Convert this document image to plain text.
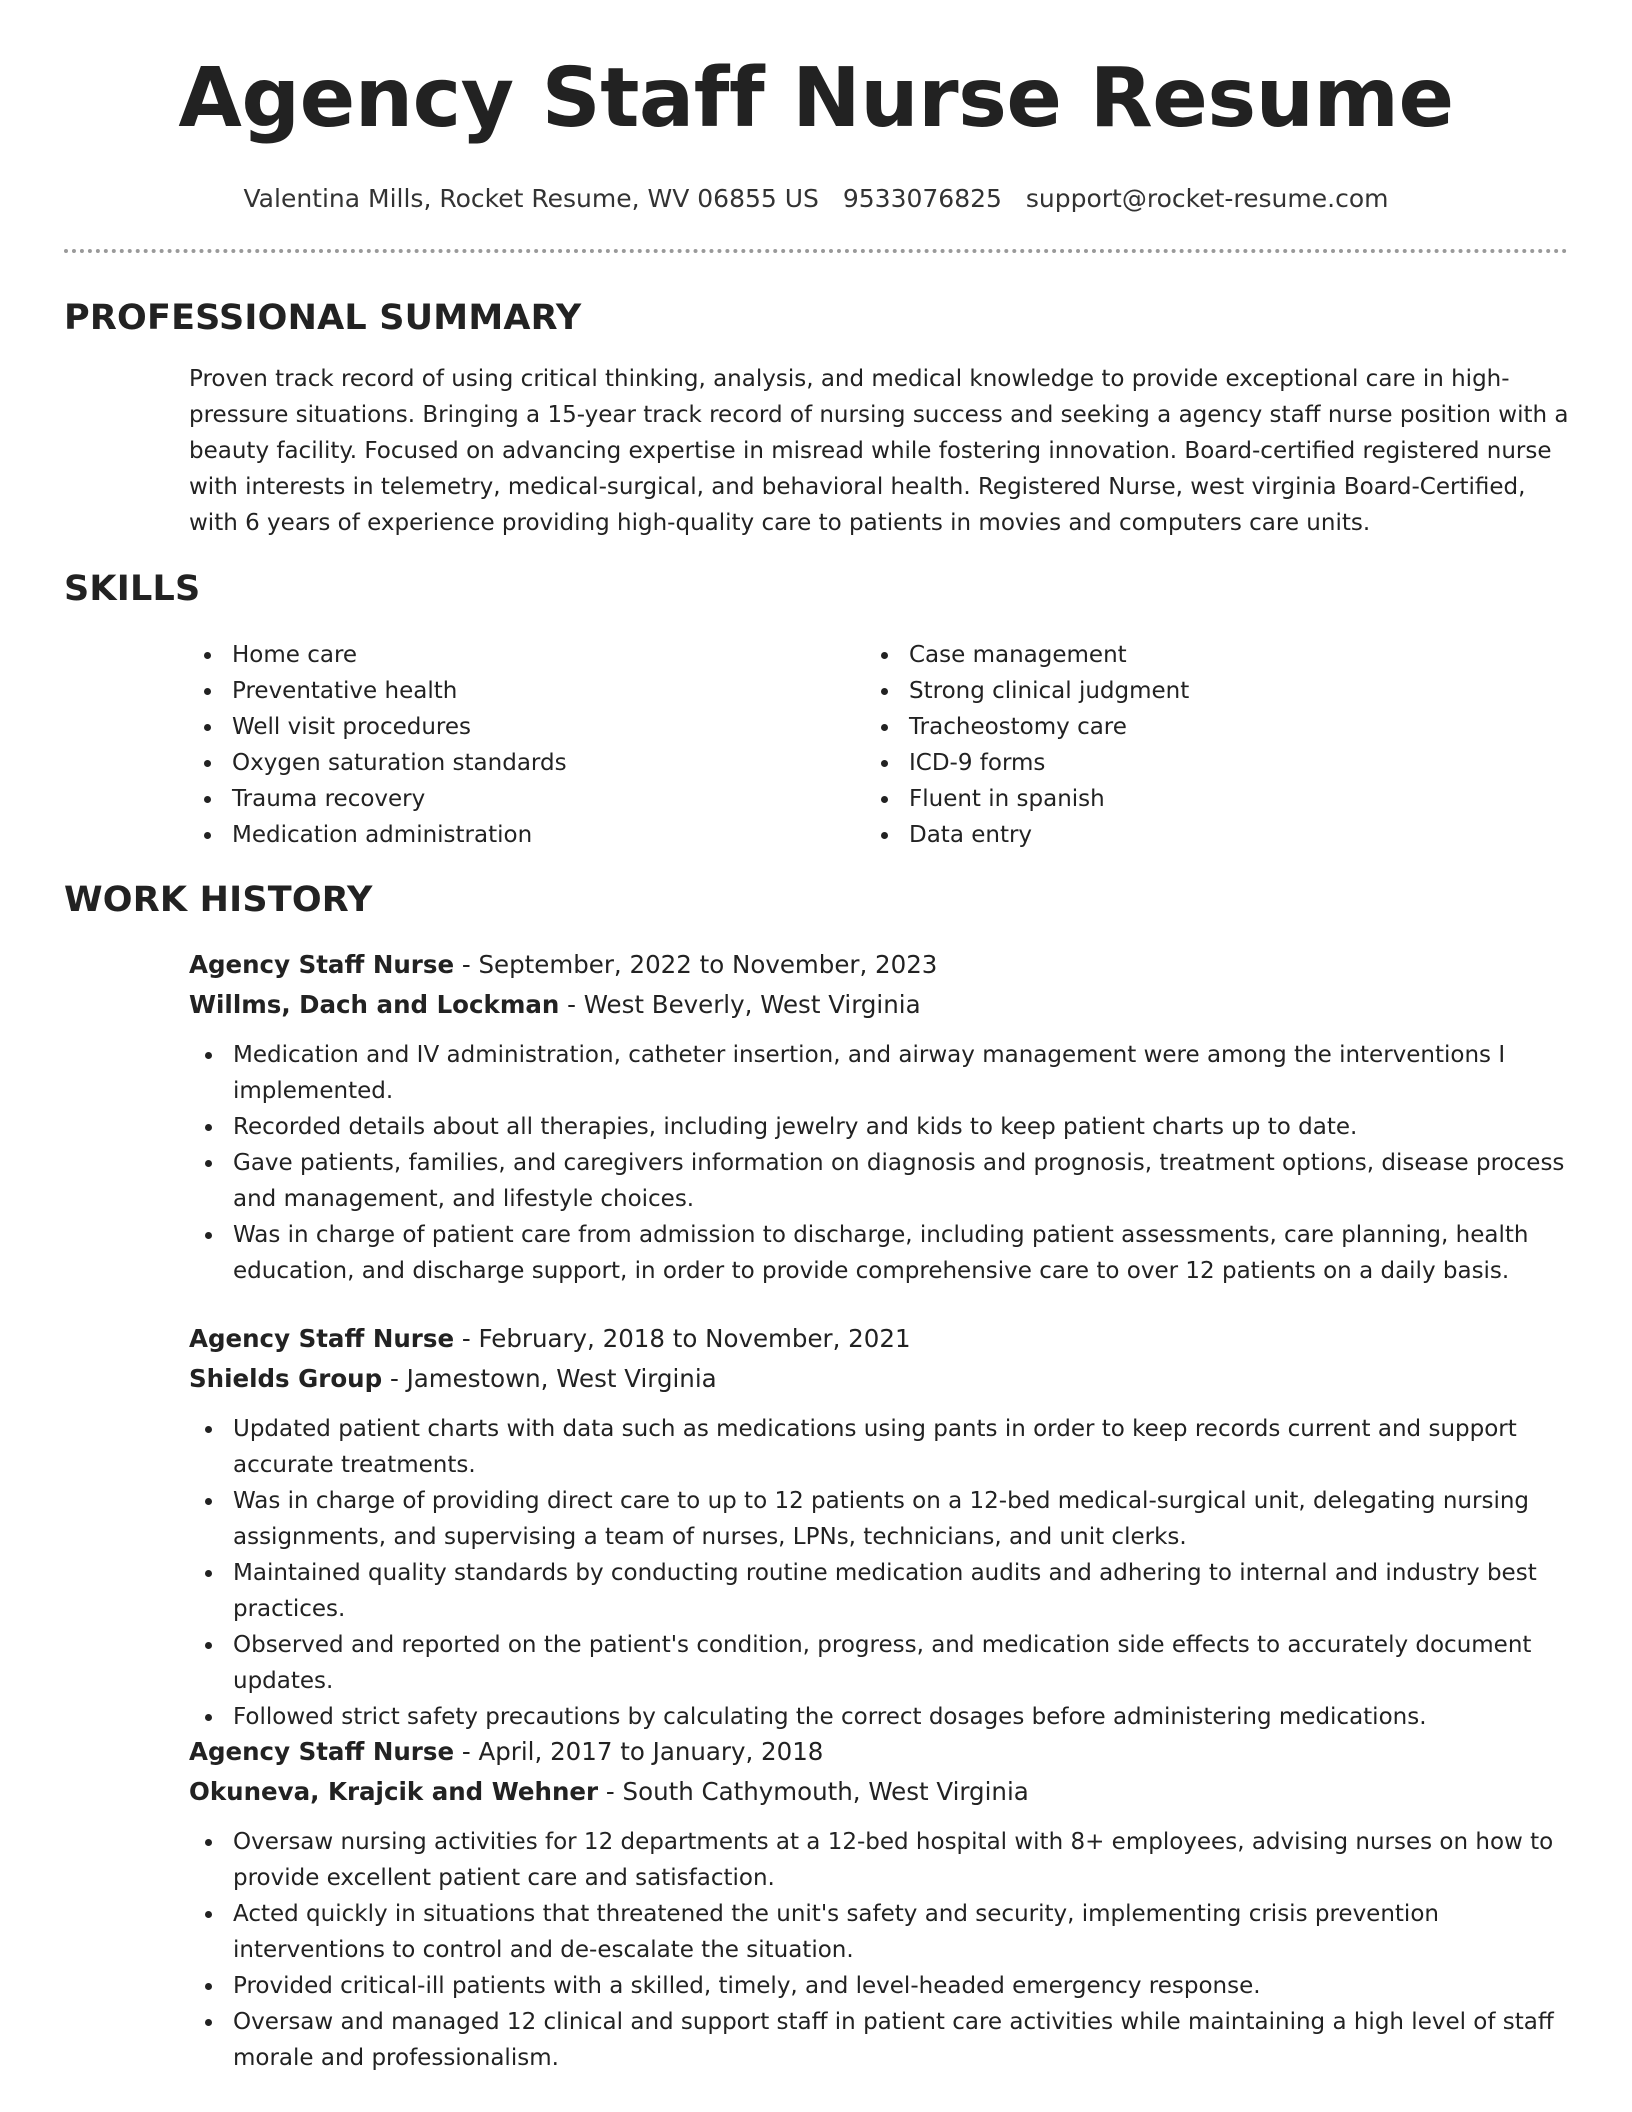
Agency Staff Nurse Resume
Valentina Mills, Rocket Resume, WV 06855 US 9533076825 support@rocket-resume.com
PROFESSIONAL SUMMARY

Proven track record of using critical thinking, analysis, and medical knowledge to provide exceptional care in high-pressure situations. Bringing a 15-year track record of nursing success and seeking a agency staff nurse position with a beauty facility. Focused on advancing expertise in misread while fostering innovation. Board-certified registered nurse with interests in telemetry, medical-surgical, and behavioral health. Registered Nurse, west virginia Board-Certified, with 6 years of experience providing high-quality care to patients in movies and computers care units.

SKILLS
Home care
Preventative health
Well visit procedures
Oxygen saturation standards
Trauma recovery
Medication administration
Case management
Strong clinical judgment
Tracheostomy care
ICD-9 forms
Fluent in spanish
Data entry
WORK HISTORY
Agency Staff Nurse - September, 2022 to November, 2023
Willms, Dach and Lockman - West Beverly, West Virginia
Medication and IV administration, catheter insertion, and airway management were among the interventions I implemented.
Recorded details about all therapies, including jewelry and kids to keep patient charts up to date.
Gave patients, families, and caregivers information on diagnosis and prognosis, treatment options, disease process and management, and lifestyle choices.
Was in charge of patient care from admission to discharge, including patient assessments, care planning, health education, and discharge support, in order to provide comprehensive care to over 12 patients on a daily basis.
Agency Staff Nurse - February, 2018 to November, 2021
Shields Group - Jamestown, West Virginia
Updated patient charts with data such as medications using pants in order to keep records current and support accurate treatments.
Was in charge of providing direct care to up to 12 patients on a 12-bed medical-surgical unit, delegating nursing assignments, and supervising a team of nurses, LPNs, technicians, and unit clerks.
Maintained quality standards by conducting routine medication audits and adhering to internal and industry best practices.
Observed and reported on the patient's condition, progress, and medication side effects to accurately document updates.
Followed strict safety precautions by calculating the correct dosages before administering medications.
Agency Staff Nurse - April, 2017 to January, 2018
Okuneva, Krajcik and Wehner - South Cathymouth, West Virginia
Oversaw nursing activities for 12 departments at a 12-bed hospital with 8+ employees, advising nurses on how to provide excellent patient care and satisfaction.
Acted quickly in situations that threatened the unit's safety and security, implementing crisis prevention interventions to control and de-escalate the situation.
Provided critical-ill patients with a skilled, timely, and level-headed emergency response.
Oversaw and managed 12 clinical and support staff in patient care activities while maintaining a high level of staff morale and professionalism.
